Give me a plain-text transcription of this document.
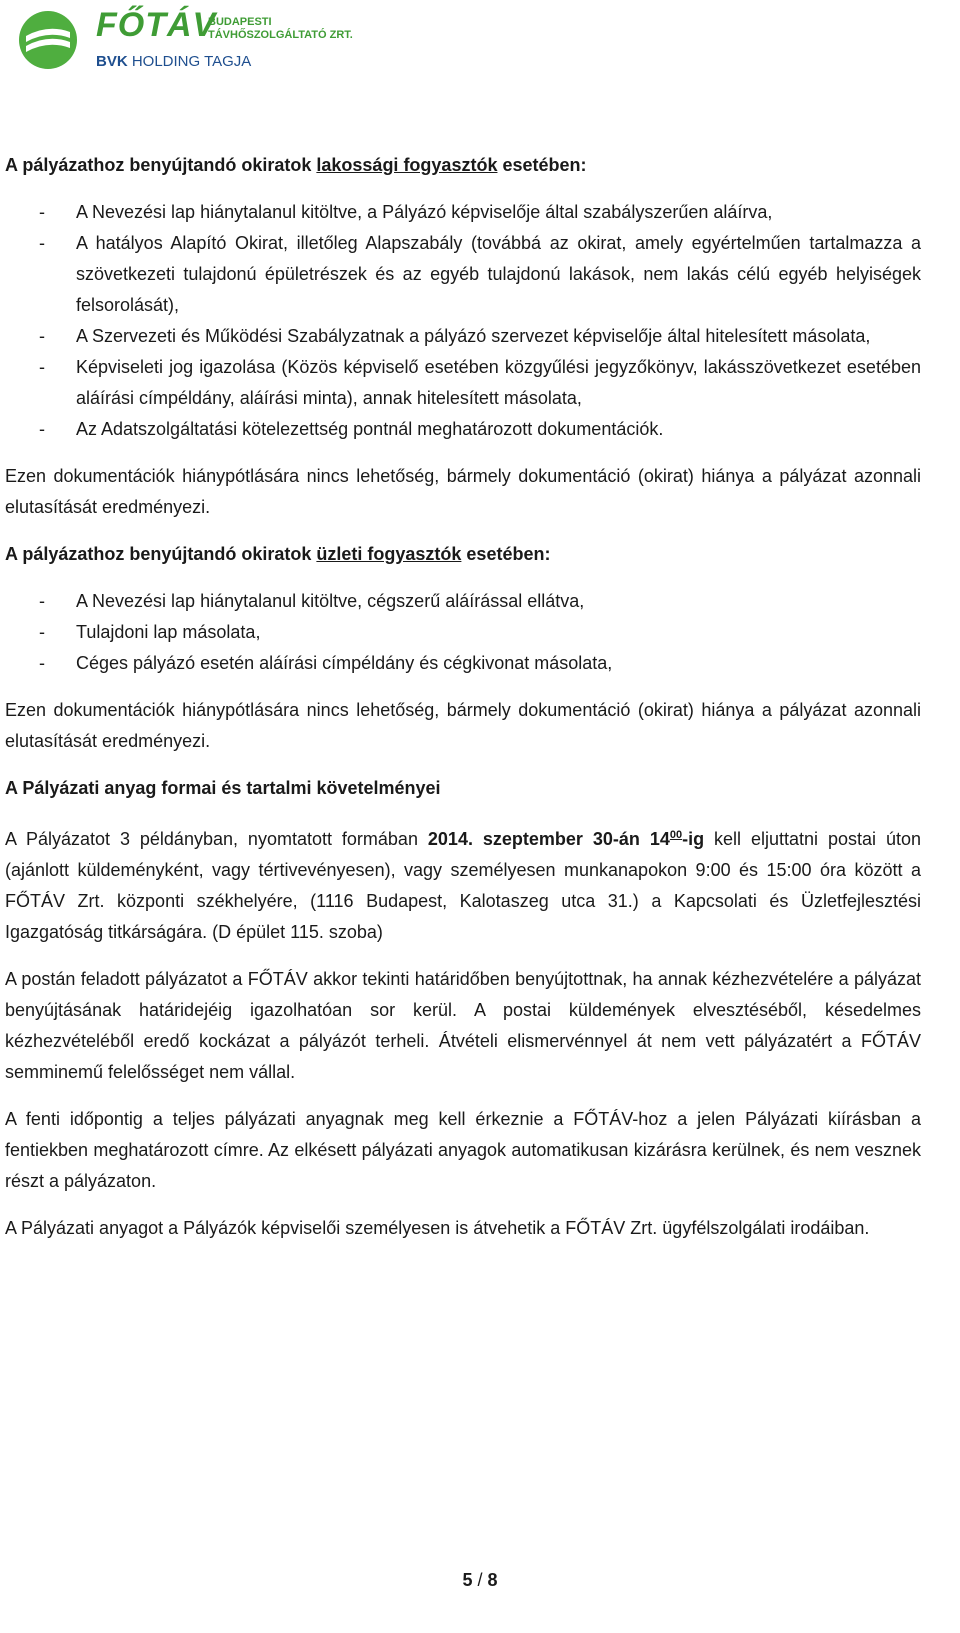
FŐTÁV
BUDAPESTI
TÁVHŐSZOLGÁLTATÓ ZRT.
BVK HOLDING TAGJA
A pályázathoz benyújtandó okiratok lakossági fogyasztók esetében:
- A Nevezési lap hiánytalanul kitöltve, a Pályázó képviselője által szabályszerűen aláírva,
- A hatályos Alapító Okirat, illetőleg Alapszabály (továbbá az okirat, amely egyértelműen tartalmazza a szövetkezeti tulajdonú épületrészek és az egyéb tulajdonú lakások, nem lakás célú egyéb helyiségek felsorolását),
- A Szervezeti és Működési Szabályzatnak a pályázó szervezet képviselője által hitelesített másolata,
- Képviseleti jog igazolása (Közös képviselő esetében közgyűlési jegyzőkönyv, lakásszövetkezet esetében aláírási címpéldány, aláírási minta), annak hitelesített másolata,
- Az Adatszolgáltatási kötelezettség pontnál meghatározott dokumentációk.

Ezen dokumentációk hiánypótlására nincs lehetőség, bármely dokumentáció (okirat) hiánya a pályázat azonnali elutasítását eredményezi.

A pályázathoz benyújtandó okiratok üzleti fogyasztók esetében:
- A Nevezési lap hiánytalanul kitöltve, cégszerű aláírással ellátva,
- Tulajdoni lap másolata,
- Céges pályázó esetén aláírási címpéldány és cégkivonat másolata,

Ezen dokumentációk hiánypótlására nincs lehetőség, bármely dokumentáció (okirat) hiánya a pályázat azonnali elutasítását eredményezi.

A Pályázati anyag formai és tartalmi követelményei

A Pályázatot 3 példányban, nyomtatott formában 2014. szeptember 30-án $14^{00}-ig$ kell eljuttatni postai úton (ajánlott küldeményként, vagy tértivevényesen), vagy személyesen munkanapokon 9:00 és 15:00 óra között a FŐTÁV Zrt. központi székhelyére, (1116 Budapest, Kalotaszeg utca 31.) a Kapcsolati és Üzletfejlesztési Igazgatóság titkárságára. (D épület 115. szoba)

A postán feladott pályázatot a FŐTÁV akkor tekinti határidőben benyújtottnak, ha annak kézhezvételére a pályázat benyújtásának határidejéig igazolhatóan sor kerül. A postai küldemények elvesztéséből, késedelmes kézhezvételéből eredő kockázat a pályázót terheli. Átvételi elismervénnyel át nem vett pályázatért a FŐTÁV semminemű felelősséget nem vállal.

A fenti időpontig a teljes pályázati anyagnak meg kell érkeznie a FŐTÁV-hoz a jelen Pályázati kiírásban a fentiekben meghatározott címre. Az elkésett pályázati anyagok automatikusan kizárásra kerülnek, és nem vesznek részt a pályázaton.

A Pályázati anyagot a Pályázók képviselői személyesen is átvehetik a FŐTÁV Zrt. ügyfélszolgálati irodáiban.

5 / 8
